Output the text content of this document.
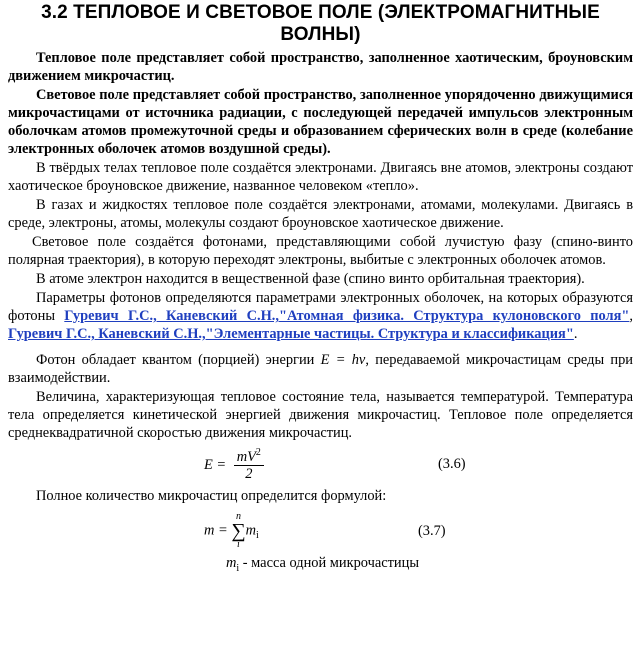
3.2 ТЕПЛОВОЕ И СВЕТОВОЕ ПОЛЕ (ЭЛЕКТРОМАГНИТНЫЕ ВОЛНЫ)

Тепловое поле представляет собой пространство, заполненное хаотическим, броуновским движением микрочастиц.

Световое поле представляет собой пространство, заполненное упорядоченно движущимися микрочастицами от источника радиации, с последующей передачей импульсов электронным оболочкам атомов промежуточной среды и образованием сферических волн в среде (колебание электронных оболочек атомов воздушной среды).

В твёрдых телах тепловое поле создаётся электронами. Двигаясь вне атомов, электроны создают хаотическое броуновское движение, названное человеком «тепло».

В газах и жидкостях тепловое поле создаётся электронами, атомами, молекулами. Двигаясь в среде, электроны, атомы, молекулы создают броуновское хаотическое движение.

Световое поле создаётся фотонами, представляющими собой лучистую фазу (спино-винто полярная траектория), в которую переходят электроны, выбитые с электронных оболочек атомов.

В атоме электрон находится в вещественной фазе (спино винто орбитальная траектория).

Параметры фотонов определяются параметрами электронных оболочек, на которых образуются фотоны Гуревич Г.С., Каневский С.Н.,"Атомная физика. Структура кулоновского поля", Гуревич Г.С., Каневский С.Н.,"Элементарные частицы. Структура и классификация".

Фотон обладает квантом (порцией) энергии E = hν, передаваемой микрочастицам среды при взаимодействии.

Величина, характеризующая тепловое состояние тела, называется температурой. Температура тела определяется кинетической энергией движения микрочастиц. Тепловое поле определяется среднеквадратичной скоростью движения микрочастиц.

$E = \frac{mV^2}{2}$	(3.6)

Полное количество микрочастиц определится формулой:

m =
n
∑
i
$m_i$	(3.7)
$m_i$ - масса одной микрочастицы
